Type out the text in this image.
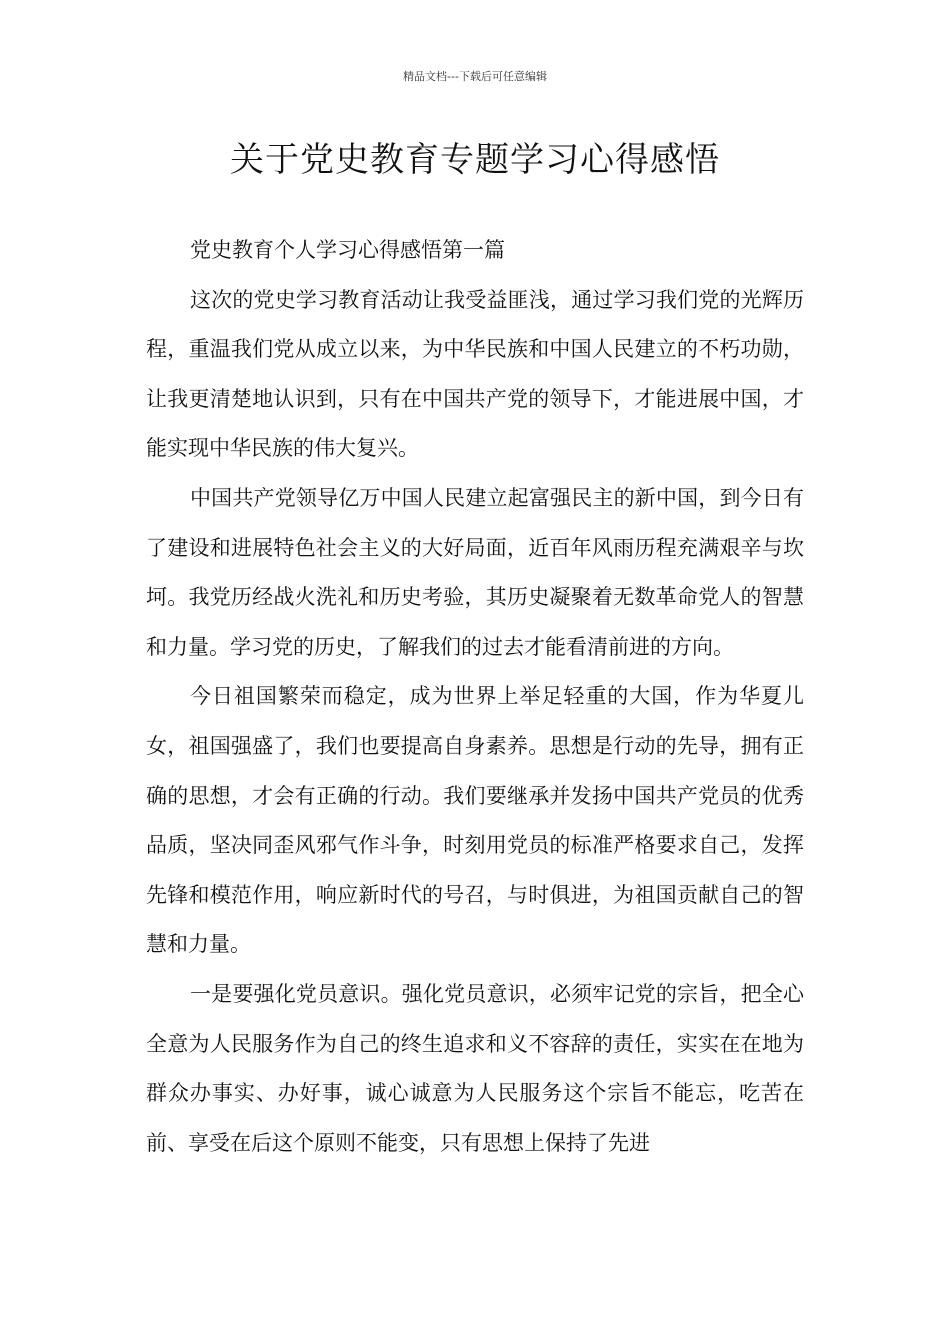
精品文档---下载后可任意编辑
关于党史教育专题学习心得感悟

党史教育个人学习心得感悟第一篇

这次的党史学习教育活动让我受益匪浅，通过学习我们党的光辉历程，重温我们党从成立以来，为中华民族和中国人民建立的不朽功勋，让我更清楚地认识到，只有在中国共产党的领导下，才能进展中国，才能实现中华民族的伟大复兴。

中国共产党领导亿万中国人民建立起富强民主的新中国，到今日有了建设和进展特色社会主义的大好局面，近百年风雨历程充满艰辛与坎坷。我党历经战火洗礼和历史考验，其历史凝聚着无数革命党人的智慧和力量。学习党的历史，了解我们的过去才能看清前进的方向。

今日祖国繁荣而稳定，成为世界上举足轻重的大国，作为华夏儿女，祖国强盛了，我们也要提高自身素养。思想是行动的先导，拥有正确的思想，才会有正确的行动。我们要继承并发扬中国共产党员的优秀品质，坚决同歪风邪气作斗争，时刻用党员的标准严格要求自己，发挥先锋和模范作用，响应新时代的号召，与时俱进，为祖国贡献自己的智慧和力量。

一是要强化党员意识。强化党员意识，必须牢记党的宗旨，把全心全意为人民服务作为自己的终生追求和义不容辞的责任，实实在在地为群众办事实、办好事，诚心诚意为人民服务这个宗旨不能忘，吃苦在前、享受在后这个原则不能变，只有思想上保持了先进
